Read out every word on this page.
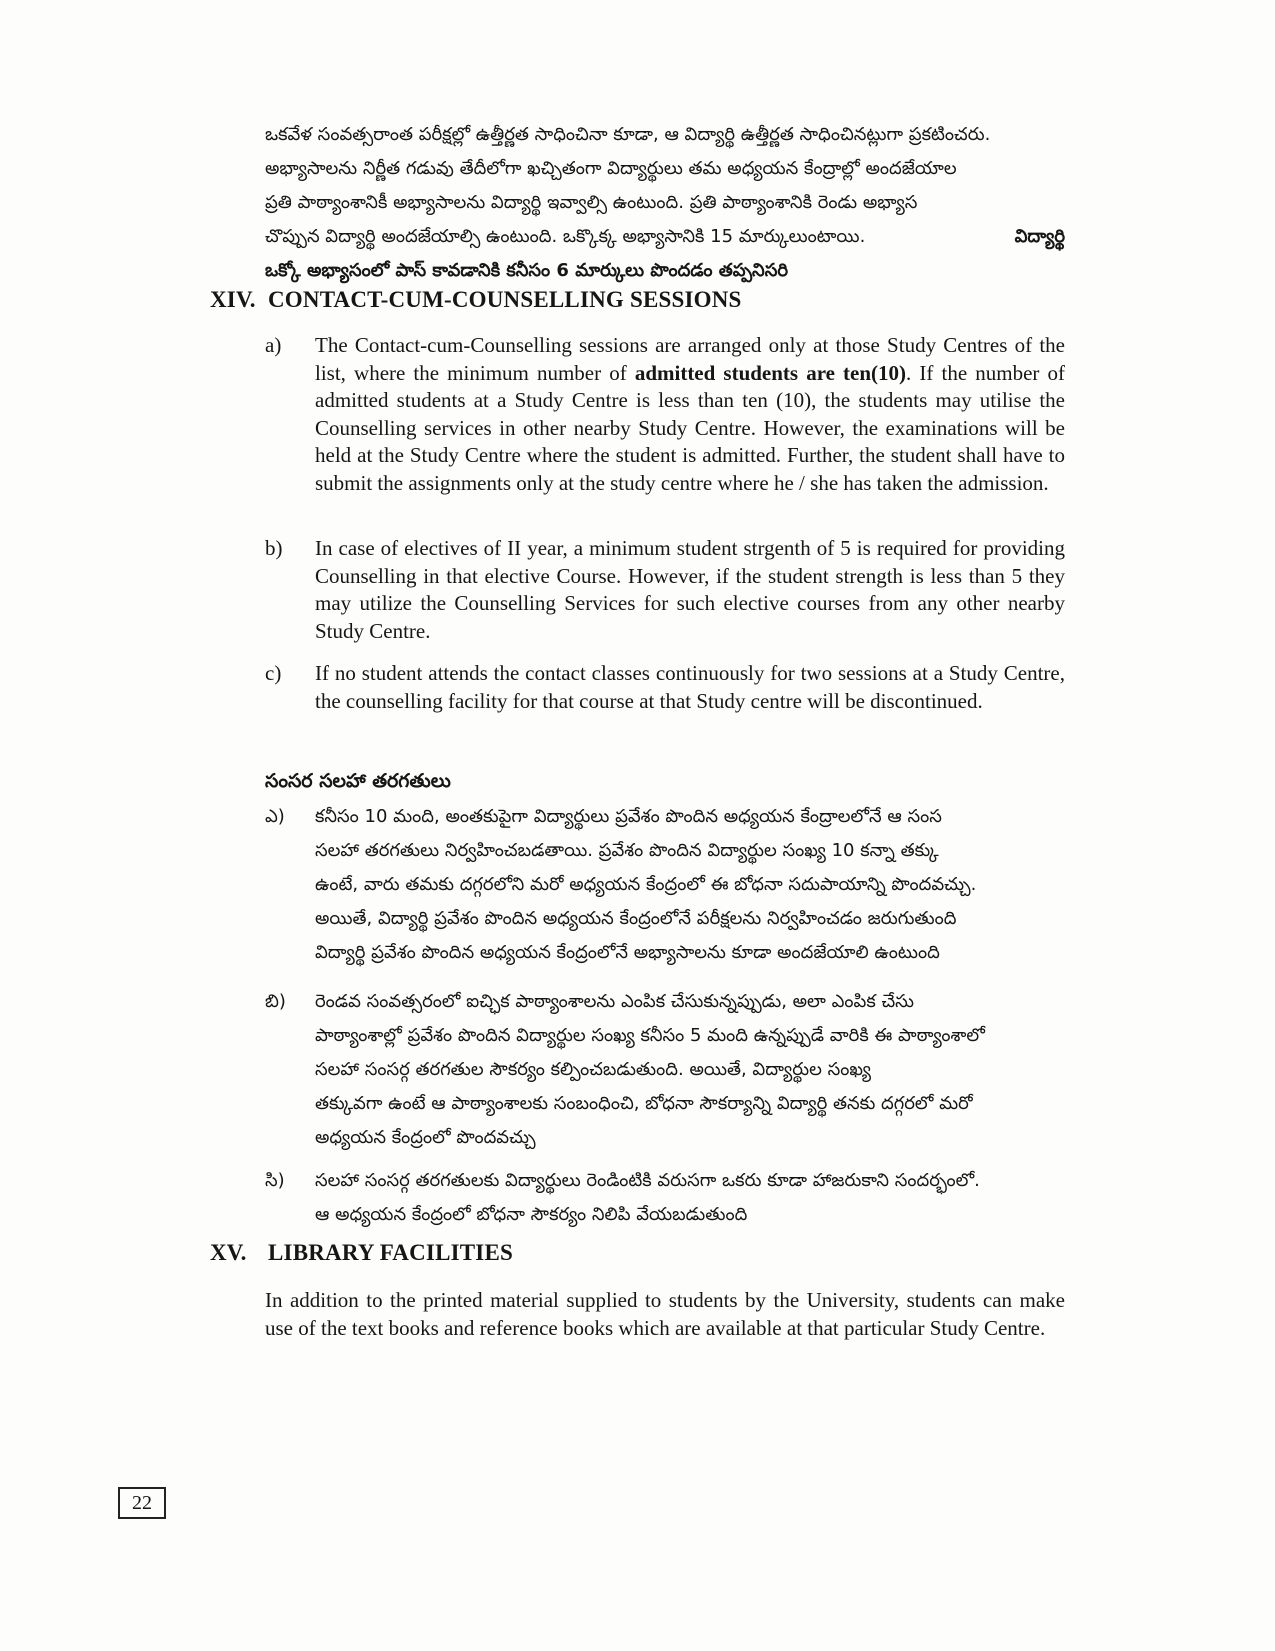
ఒకవేళ సంవత్సరాంత పరీక్షల్లో ఉత్తీర్ణత సాధించినా కూడా, ఆ విద్యార్థి ఉత్తీర్ణత సాధించినట్లుగా ప్రకటించరు.
అభ్యాసాలను నిర్ణీత గడువు తేదీలోగా ఖచ్చితంగా విద్యార్థులు తమ అధ్యయన కేంద్రాల్లో అందజేయాల
ప్రతి పాఠ్యాంశానికీ అభ్యాసాలను విద్యార్థి ఇవ్వాల్సి ఉంటుంది. ప్రతి పాఠ్యాంశానికి రెండు అభ్యాస
చొప్పున విద్యార్థి అందజేయాల్సి ఉంటుంది. ఒక్కొక్క అభ్యాసానికి 15 మార్కులుంటాయి.	విద్యార్థి
ఒక్కో అభ్యాసంలో పాస్ కావడానికి కనీసం 6 మార్కులు పొందడం తప్పనిసరి
XIV. CONTACT-CUM-COUNSELLING SESSIONS
a) The Contact-cum-Counselling sessions are arranged only at those Study Centres of the list, where the minimum number of admitted students are ten(10). If the number of admitted students at a Study Centre is less than ten (10), the students may utilise the Counselling services in other nearby Study Centre. However, the examinations will be held at the Study Centre where the student is admitted. Further, the student shall have to submit the assignments only at the study centre where he / she has taken the admission.
b) In case of electives of II year, a minimum student strgenth of 5 is required for providing Counselling in that elective Course. However, if the student strength is less than 5 they may utilize the Counselling Services for such elective courses from any other nearby Study Centre.
c) If no student attends the contact classes continuously for two sessions at a Study Centre, the counselling facility for that course at that Study centre will be discontinued.
సంసర సలహా తరగతులు
ఎ) కనీసం 10 మంది, అంతకుపైగా విద్యార్థులు ప్రవేశం పొందిన అధ్యయన కేంద్రాలలోనే ఆ సంస
సలహా తరగతులు నిర్వహించబడతాయి. ప్రవేశం పొందిన విద్యార్థుల సంఖ్య 10 కన్నా తక్కు
ఉంటే, వారు తమకు దగ్గరలోని మరో అధ్యయన కేంద్రంలో ఈ బోధనా సదుపాయాన్ని పొందవచ్చు.
అయితే, విద్యార్థి ప్రవేశం పొందిన అధ్యయన కేంద్రంలోనే పరీక్షలను నిర్వహించడం జరుగుతుంది
విద్యార్థి ప్రవేశం పొందిన అధ్యయన కేంద్రంలోనే అభ్యాసాలను కూడా అందజేయాలి ఉంటుంది
బి) రెండవ సంవత్సరంలో ఐచ్ఛిక పాఠ్యాంశాలను ఎంపిక చేసుకున్నప్పుడు, అలా ఎంపిక చేసు
పాఠ్యాంశాల్లో ప్రవేశం పొందిన విద్యార్థుల సంఖ్య కనీసం 5 మంది ఉన్నప్పుడే వారికి ఈ పాఠ్యాంశాలో
సలహా సంసర్గ తరగతుల సౌకర్యం కల్పించబడుతుంది. అయితే, విద్యార్థుల సంఖ్య
తక్కువగా ఉంటే ఆ పాఠ్యాంశాలకు సంబంధించి, బోధనా సౌకర్యాన్ని విద్యార్థి తనకు దగ్గరలో మరో
అధ్యయన కేంద్రంలో పొందవచ్చు
సి) సలహా సంసర్గ తరగతులకు విద్యార్థులు రెండింటికి వరుసగా ఒకరు కూడా హాజరుకాని సందర్భంలో.
ఆ అధ్యయన కేంద్రంలో బోధనా సౌకర్యం నిలిపి వేయబడుతుంది
XV. LIBRARY FACILITIES
In addition to the printed material supplied to students by the University, students can make use of the text books and reference books which are available at that particular Study Centre.
22
